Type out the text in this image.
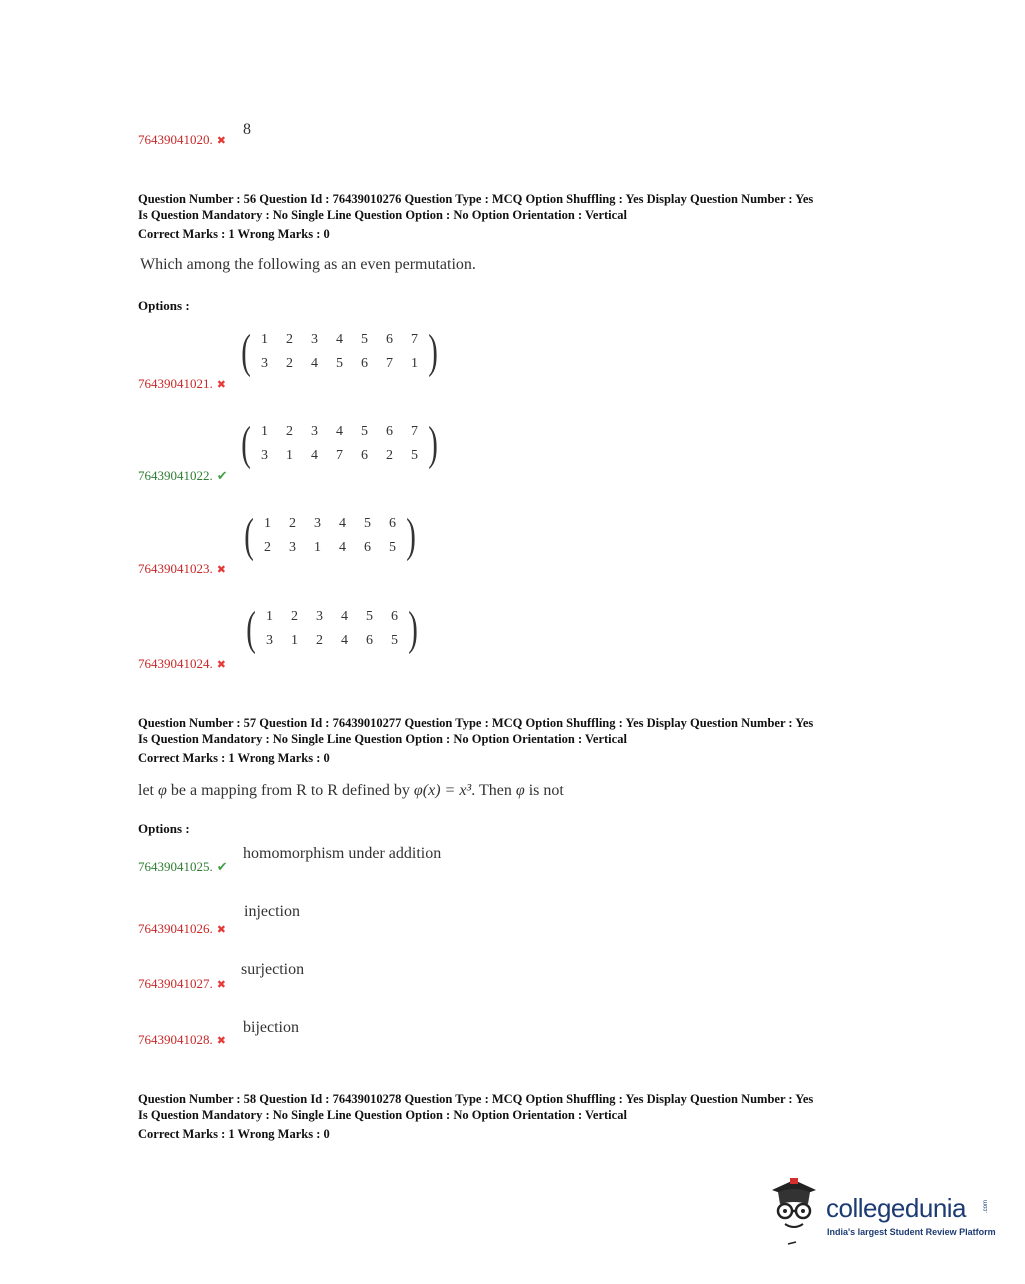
76439041020. ✖
8
Question Number : 56 Question Id : 76439010276 Question Type : MCQ Option Shuffling : Yes Display Question Number : Yes
Is Question Mandatory : No Single Line Question Option : No Option Orientation : Vertical
Correct Marks : 1 Wrong Marks : 0
Which among the following as an even permutation.
Options :
( 1	2	3	4	5	6	7
3	2	4	5	6	7	1 )
76439041021. ✖
( 1	2	3	4	5	6	7
3	1	4	7	6	2	5 )
76439041022. ✔
( 1	2	3	4	5	6
2	3	1	4	6	5 )
76439041023. ✖
( 1	2	3	4	5	6
3	1	2	4	6	5 )
76439041024. ✖
Question Number : 57 Question Id : 76439010277 Question Type : MCQ Option Shuffling : Yes Display Question Number : Yes
Is Question Mandatory : No Single Line Question Option : No Option Orientation : Vertical
Correct Marks : 1 Wrong Marks : 0
let φ be a mapping from R to R defined by φ(x) = x³. Then φ is not
Options :
homomorphism under addition
76439041025. ✔
injection
76439041026. ✖
surjection
76439041027. ✖
bijection
76439041028. ✖
Question Number : 58 Question Id : 76439010278 Question Type : MCQ Option Shuffling : Yes Display Question Number : Yes
Is Question Mandatory : No Single Line Question Option : No Option Orientation : Vertical
Correct Marks : 1 Wrong Marks : 0
collegedunia	.com
India's largest Student Review Platform
